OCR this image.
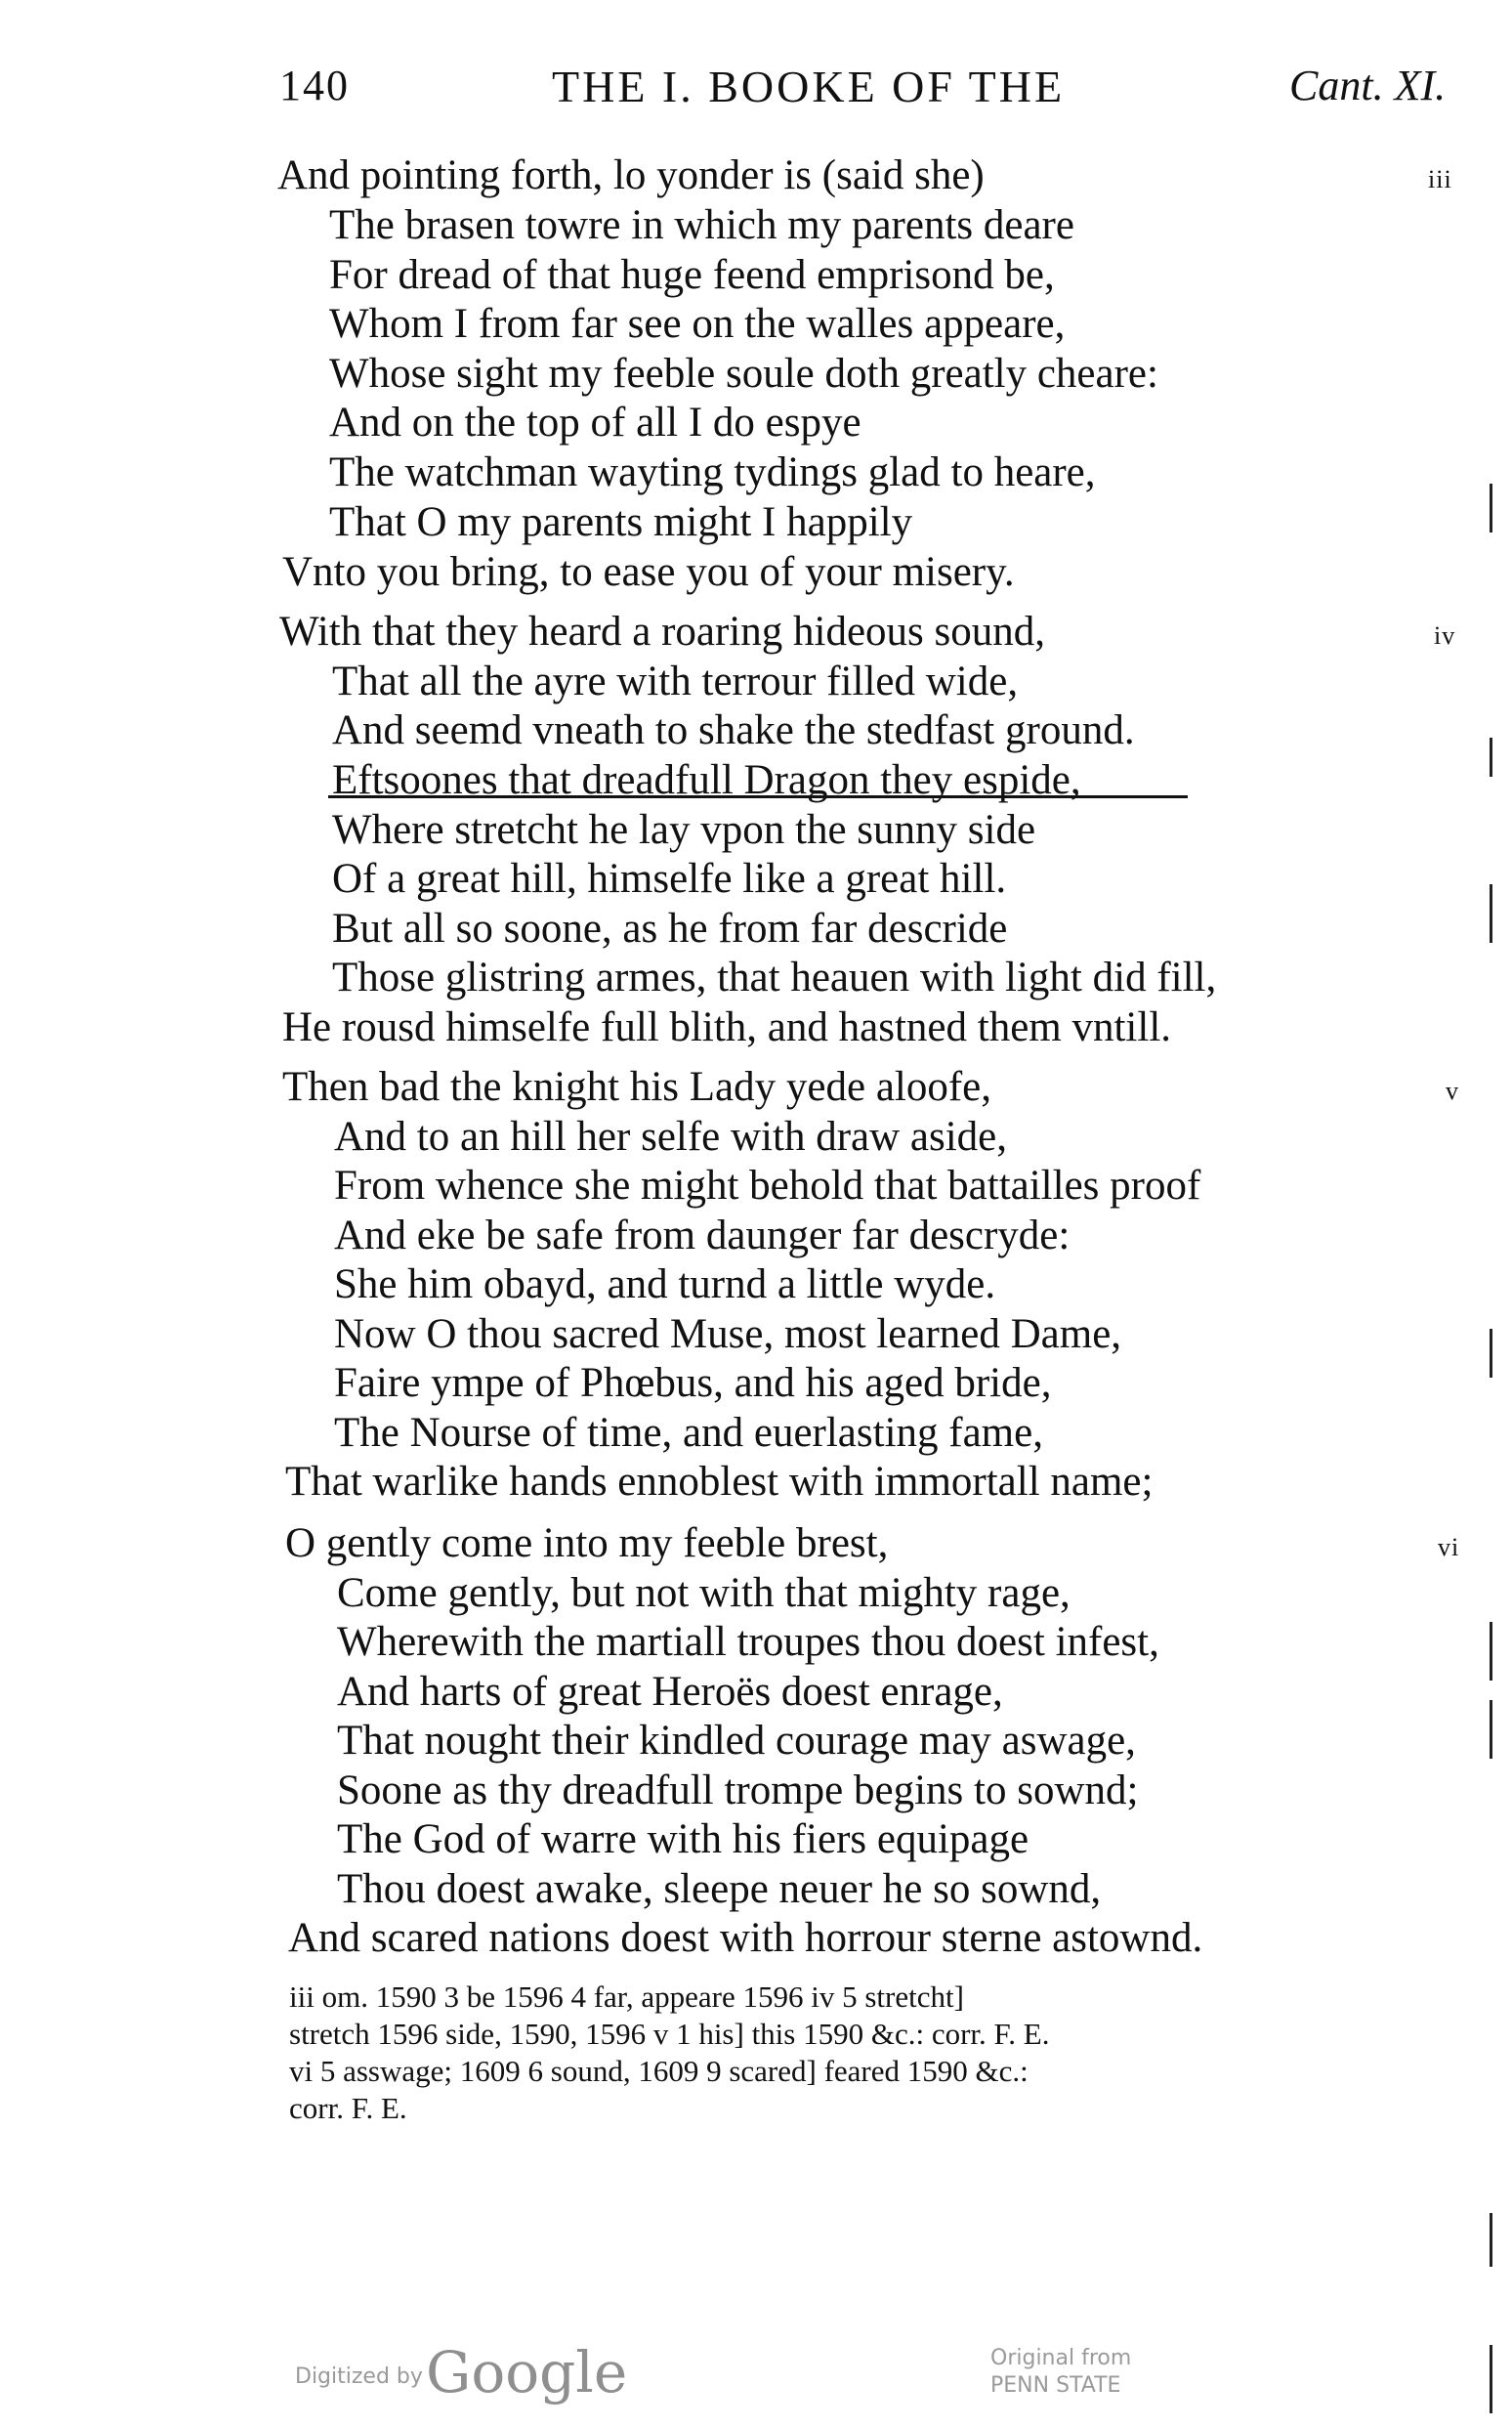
140	THE I. BOOKE OF THE	Cant. XI.
iii
And pointing forth, lo yonder is (said she)
The brasen towre in which my parents deare
For dread of that huge feend emprisond be,
Whom I from far see on the walles appeare,
Whose sight my feeble soule doth greatly cheare:
And on the top of all I do espye
The watchman wayting tydings glad to heare,
That O my parents might I happily
Vnto you bring, to ease you of your misery.
iv
With that they heard a roaring hideous sound,
That all the ayre with terrour filled wide,
And seemd vneath to shake the stedfast ground.
Eftsoones that dreadfull Dragon they espide,
Where stretcht he lay vpon the sunny side
Of a great hill, himselfe like a great hill.
But all so soone, as he from far descride
Those glistring armes, that heauen with light did fill,
He rousd himselfe full blith, and hastned them vntill.
v
Then bad the knight his Lady yede aloofe,
And to an hill her selfe with draw aside,
From whence she might behold that battailles proof
And eke be safe from daunger far descryde:
She him obayd, and turnd a little wyde.
Now O thou sacred Muse, most learned Dame,
Faire ympe of Phœbus, and his aged bride,
The Nourse of time, and euerlasting fame,
That warlike hands ennoblest with immortall name;
vi
O gently come into my feeble brest,
Come gently, but not with that mighty rage,
Wherewith the martiall troupes thou doest infest,
And harts of great Heroës doest enrage,
That nought their kindled courage may aswage,
Soone as thy dreadfull trompe begins to sownd;
The God of warre with his fiers equipage
Thou doest awake, sleepe neuer he so sownd,
And scared nations doest with horrour sterne astownd.
iii om. 1590 3 be 1596 4 far, appeare 1596 iv 5 stretcht]
stretch 1596 side, 1590, 1596 v 1 his] this 1590 &c.: corr. F. E.
vi 5 asswage; 1609 6 sound, 1609 9 scared] feared 1590 &c.:
corr. F. E.
Digitized by Google	Original from
PENN STATE
